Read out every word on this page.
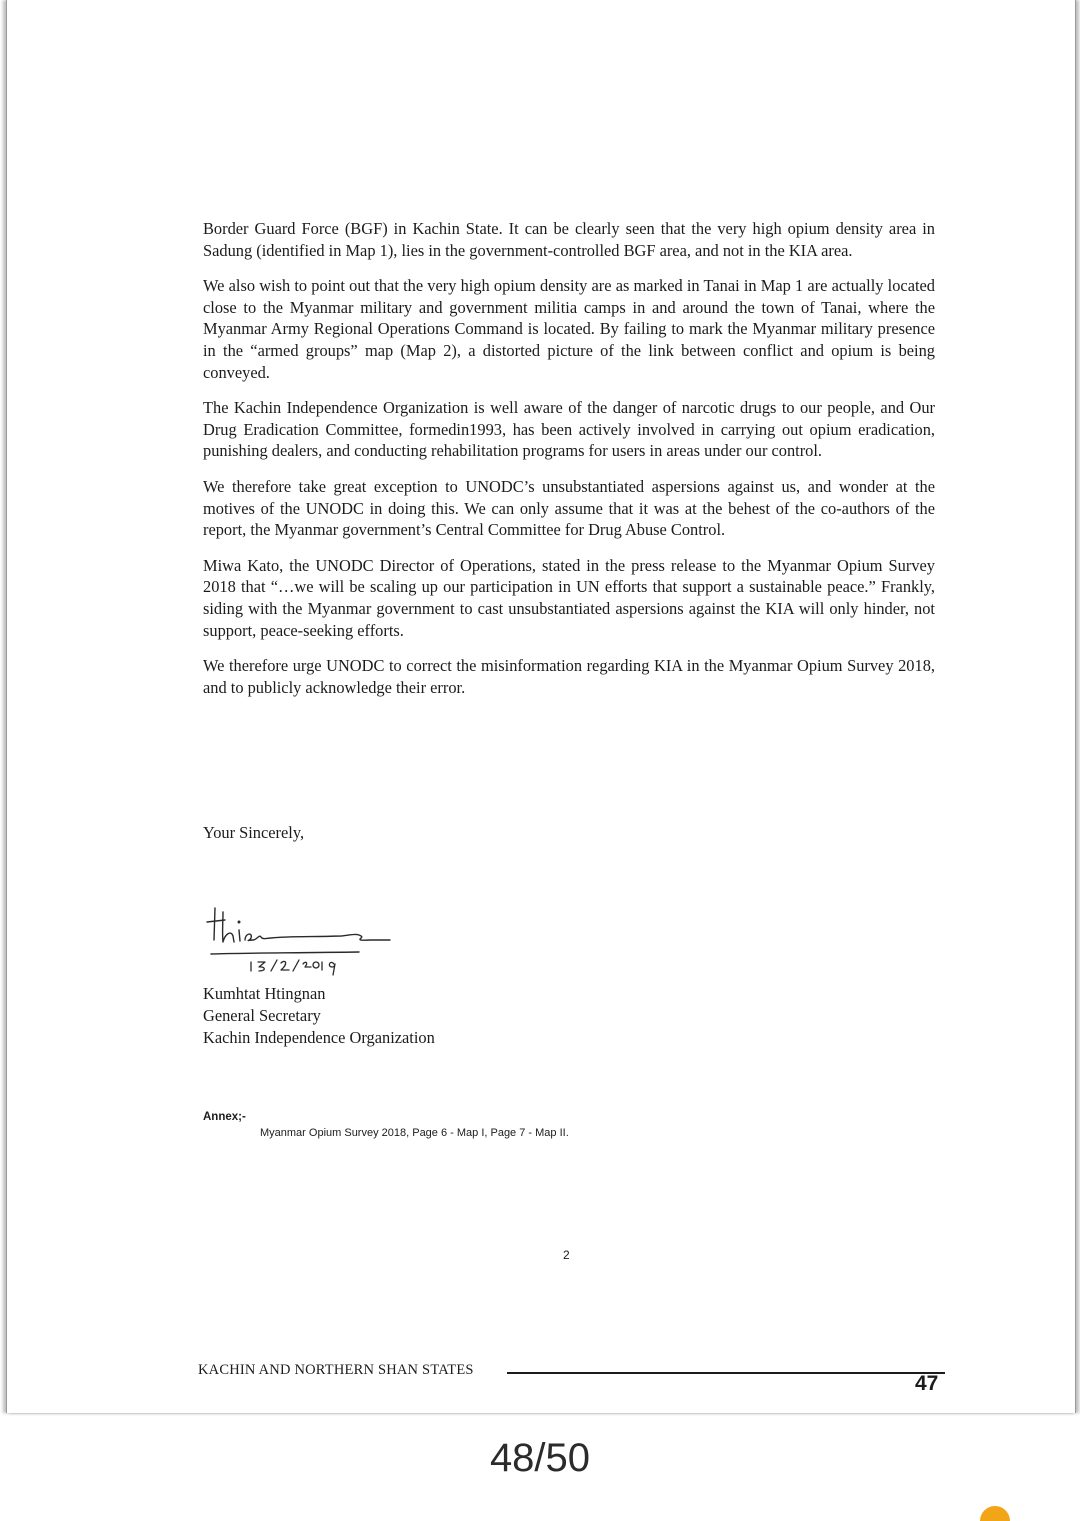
Border Guard Force (BGF) in Kachin State. It can be clearly seen that the very high opium density area in Sadung (identified in Map 1), lies in the government-controlled BGF area, and not in the KIA area.

We also wish to point out that the very high opium density are as marked in Tanai in Map 1 are actually located close to the Myanmar military and government militia camps in and around the town of Tanai, where the Myanmar Army Regional Operations Command is located. By failing to mark the Myanmar military presence in the “armed groups” map (Map 2), a distorted picture of the link between conflict and opium is being conveyed.

The Kachin Independence Organization is well aware of the danger of narcotic drugs to our people, and Our Drug Eradication Committee, formedin1993, has been actively involved in carrying out opium eradication, punishing dealers, and conducting rehabilitation programs for users in areas under our control.

We therefore take great exception to UNODC’s unsubstantiated aspersions against us, and wonder at the motives of the UNODC in doing this. We can only assume that it was at the behest of the co-authors of the report, the Myanmar government’s Central Committee for Drug Abuse Control.

Miwa Kato, the UNODC Director of Operations, stated in the press release to the Myanmar Opium Survey 2018 that “…we will be scaling up our participation in UN efforts that support a sustainable peace.” Frankly, siding with the Myanmar government to cast unsubstantiated aspersions against the KIA will only hinder, not support, peace-seeking efforts.

We therefore urge UNODC to correct the misinformation regarding KIA in the Myanmar Opium Survey 2018, and to publicly acknowledge their error.

Your Sincerely,
Kumhtat Htingnan
General Secretary
Kachin Independence Organization
Annex;-
Myanmar Opium Survey 2018, Page 6 - Map I, Page 7 - Map II.
2
KACHIN AND NORTHERN SHAN STATES
47
48/50
